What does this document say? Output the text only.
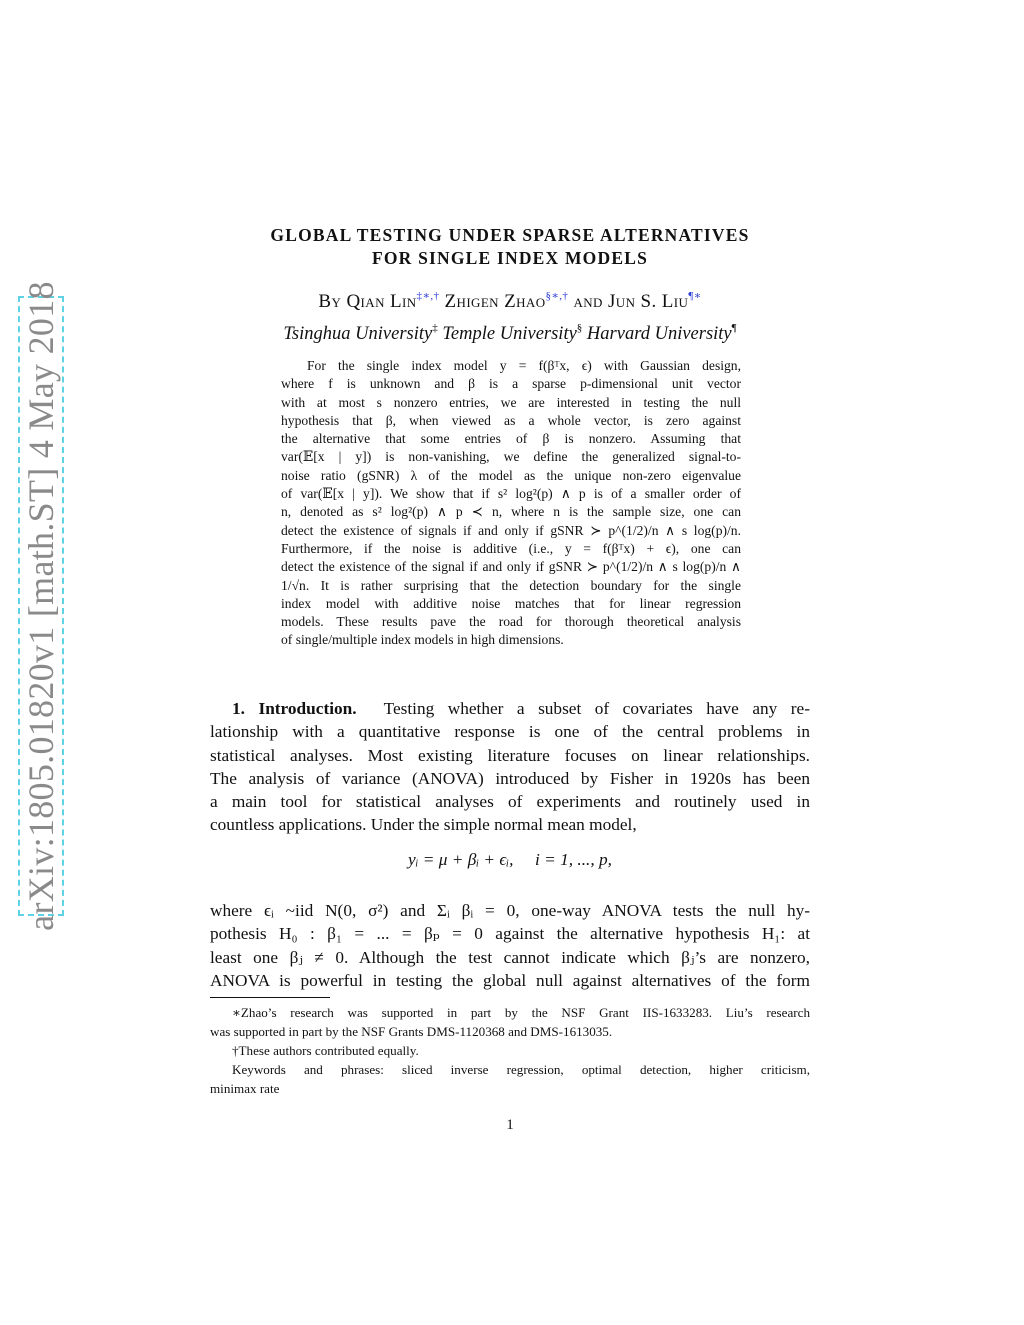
arXiv:1805.01820v1 [math.ST] 4 May 2018
GLOBAL TESTING UNDER SPARSE ALTERNATIVES
FOR SINGLE INDEX MODELS
By Qian Lin‡∗,† Zhigen Zhao§∗,† and Jun S. Liu¶∗
Tsinghua University‡ Temple University§ Harvard University¶
For the single index model y = f(βᵀx, ϵ) with Gaussian design,
where f is unknown and β is a sparse p-dimensional unit vector
with at most s nonzero entries, we are interested in testing the null
hypothesis that β, when viewed as a whole vector, is zero against
the alternative that some entries of β is nonzero. Assuming that
var(𝔼[x | y]) is non-vanishing, we define the generalized signal-to-
noise ratio (gSNR) λ of the model as the unique non-zero eigenvalue
of var(𝔼[x | y]). We show that if s² log²(p) ∧ p is of a smaller order of
n, denoted as s² log²(p) ∧ p ≺ n, where n is the sample size, one can
detect the existence of signals if and only if gSNR ≻ p^(1/2)/n ∧ s log(p)/n.
Furthermore, if the noise is additive (i.e., y = f(βᵀx) + ϵ), one can
detect the existence of the signal if and only if gSNR ≻ p^(1/2)/n ∧ s log(p)/n ∧
1/√n. It is rather surprising that the detection boundary for the single
index model with additive noise matches that for linear regression
models. These results pave the road for thorough theoretical analysis
of single/multiple index models in high dimensions.
1. Introduction. Testing whether a subset of covariates have any re-
lationship with a quantitative response is one of the central problems in
statistical analyses. Most existing literature focuses on linear relationships.
The analysis of variance (ANOVA) introduced by Fisher in 1920s has been
a main tool for statistical analyses of experiments and routinely used in
countless applications. Under the simple normal mean model,
yᵢ = μ + βᵢ + ϵᵢ,     i = 1, ..., p,
where ϵᵢ ~iid N(0, σ²) and Σᵢ βᵢ = 0, one-way ANOVA tests the null hy-
pothesis H₀ : β₁ = ... = βₚ = 0 against the alternative hypothesis H₁: at
least one βⱼ ≠ 0. Although the test cannot indicate which βⱼ’s are nonzero,
ANOVA is powerful in testing the global null against alternatives of the form
∗Zhao’s research was supported in part by the NSF Grant IIS-1633283. Liu’s research
was supported in part by the NSF Grants DMS-1120368 and DMS-1613035.
†These authors contributed equally.
Keywords and phrases: sliced inverse regression, optimal detection, higher criticism,
minimax rate
1
